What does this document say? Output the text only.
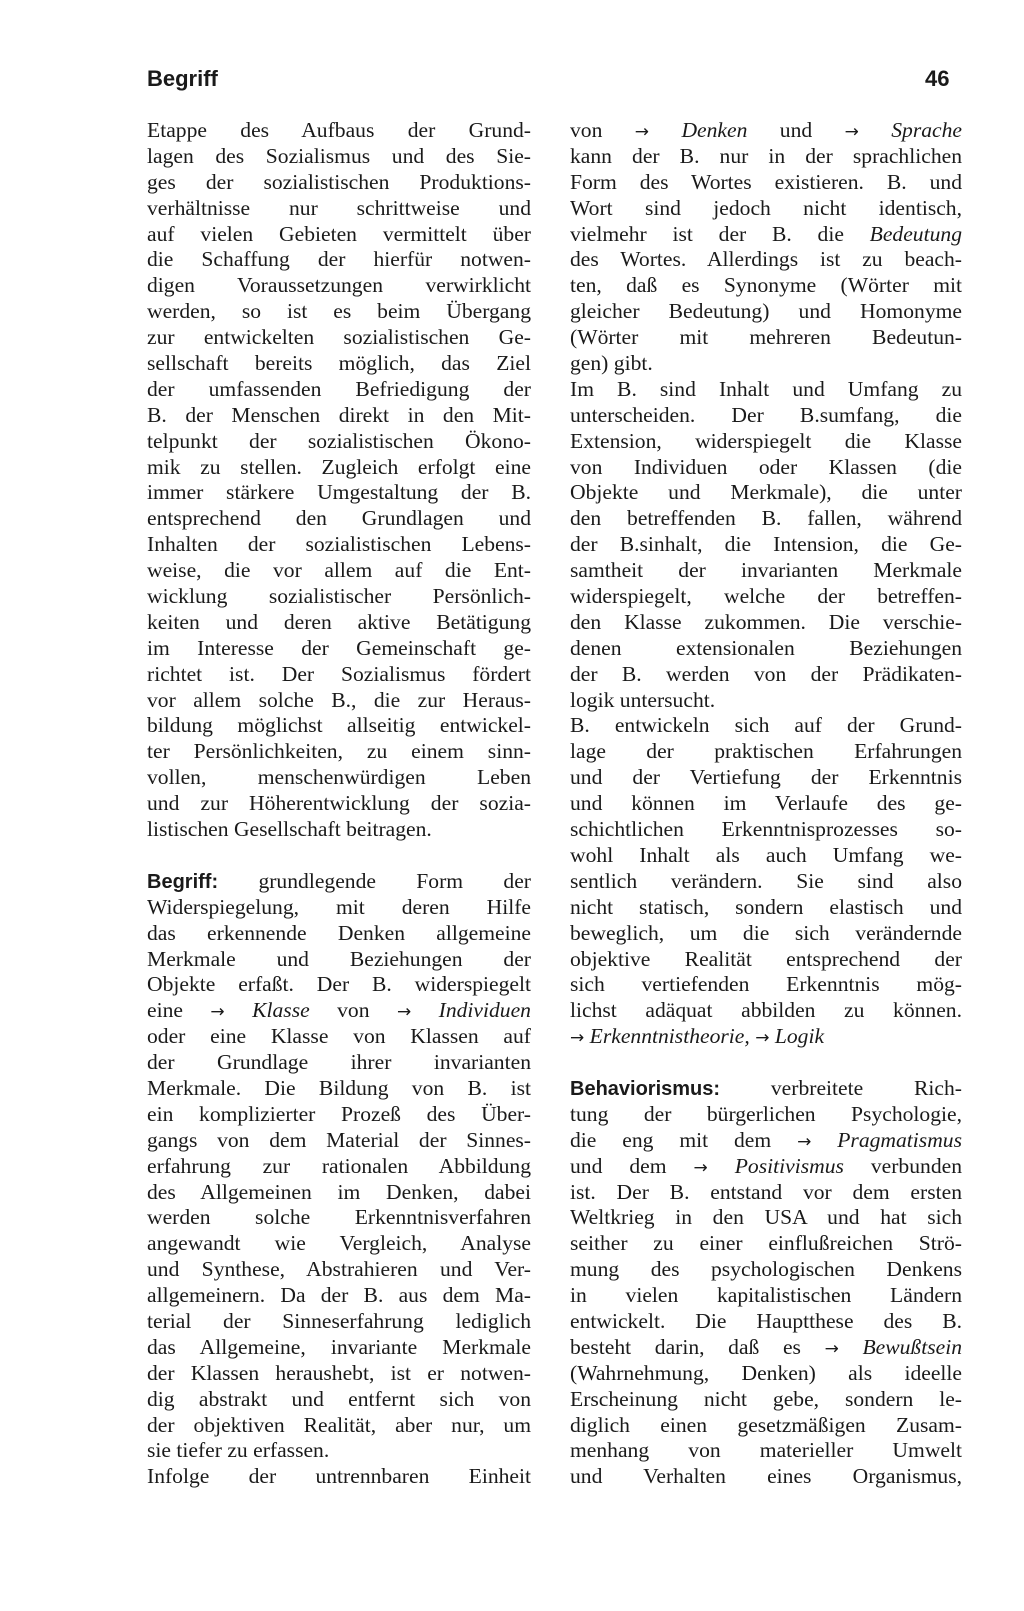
Begriff	46
Etappe des Aufbaus der Grund-
lagen des Sozialismus und des Sie-
ges der sozialistischen Produktions-
verhältnisse nur schrittweise und
auf vielen Gebieten vermittelt über
die Schaffung der hierfür notwen-
digen Voraussetzungen verwirklicht
werden, so ist es beim Übergang
zur entwickelten sozialistischen Ge-
sellschaft bereits möglich, das Ziel
der umfassenden Befriedigung der
B. der Menschen direkt in den Mit-
telpunkt der sozialistischen Ökono-
mik zu stellen. Zugleich erfolgt eine
immer stärkere Umgestaltung der B.
entsprechend den Grundlagen und
Inhalten der sozialistischen Lebens-
weise, die vor allem auf die Ent-
wicklung sozialistischer Persönlich-
keiten und deren aktive Betätigung
im Interesse der Gemeinschaft ge-
richtet ist. Der Sozialismus fördert
vor allem solche B., die zur Heraus-
bildung möglichst allseitig entwickel-
ter Persönlichkeiten, zu einem sinn-
vollen, menschenwürdigen Leben
und zur Höherentwicklung der sozia-
listischen Gesellschaft beitragen.
Begriff: grundlegende Form der
Widerspiegelung, mit deren Hilfe
das erkennende Denken allgemeine
Merkmale und Beziehungen der
Objekte erfaßt. Der B. widerspiegelt
eine → Klasse von → Individuen
oder eine Klasse von Klassen auf
der Grundlage ihrer invarianten
Merkmale. Die Bildung von B. ist
ein komplizierter Prozeß des Über-
gangs von dem Material der Sinnes-
erfahrung zur rationalen Abbildung
des Allgemeinen im Denken, dabei
werden solche Erkenntnisverfahren
angewandt wie Vergleich, Analyse
und Synthese, Abstrahieren und Ver-
allgemeinern. Da der B. aus dem Ma-
terial der Sinneserfahrung lediglich
das Allgemeine, invariante Merkmale
der Klassen heraushebt, ist er notwen-
dig abstrakt und entfernt sich von
der objektiven Realität, aber nur, um
sie tiefer zu erfassen.
Infolge der untrennbaren Einheit
von → Denken und → Sprache
kann der B. nur in der sprachlichen
Form des Wortes existieren. B. und
Wort sind jedoch nicht identisch,
vielmehr ist der B. die Bedeutung
des Wortes. Allerdings ist zu beach-
ten, daß es Synonyme (Wörter mit
gleicher Bedeutung) und Homonyme
(Wörter mit mehreren Bedeutun-
gen) gibt.
Im B. sind Inhalt und Umfang zu
unterscheiden. Der B.sumfang, die
Extension, widerspiegelt die Klasse
von Individuen oder Klassen (die
Objekte und Merkmale), die unter
den betreffenden B. fallen, während
der B.sinhalt, die Intension, die Ge-
samtheit der invarianten Merkmale
widerspiegelt, welche der betreffen-
den Klasse zukommen. Die verschie-
denen extensionalen Beziehungen
der B. werden von der Prädikaten-
logik untersucht.
B. entwickeln sich auf der Grund-
lage der praktischen Erfahrungen
und der Vertiefung der Erkenntnis
und können im Verlaufe des ge-
schichtlichen Erkenntnisprozesses so-
wohl Inhalt als auch Umfang we-
sentlich verändern. Sie sind also
nicht statisch, sondern elastisch und
beweglich, um die sich verändernde
objektive Realität entsprechend der
sich vertiefenden Erkenntnis mög-
lichst adäquat abbilden zu können.
→ Erkenntnistheorie, → Logik
Behaviorismus: verbreitete Rich-
tung der bürgerlichen Psychologie,
die eng mit dem → Pragmatismus
und dem → Positivismus verbunden
ist. Der B. entstand vor dem ersten
Weltkrieg in den USA und hat sich
seither zu einer einflußreichen Strö-
mung des psychologischen Denkens
in vielen kapitalistischen Ländern
entwickelt. Die Hauptthese des B.
besteht darin, daß es → Bewußtsein
(Wahrnehmung, Denken) als ideelle
Erscheinung nicht gebe, sondern le-
diglich einen gesetzmäßigen Zusam-
menhang von materieller Umwelt
und Verhalten eines Organismus,
